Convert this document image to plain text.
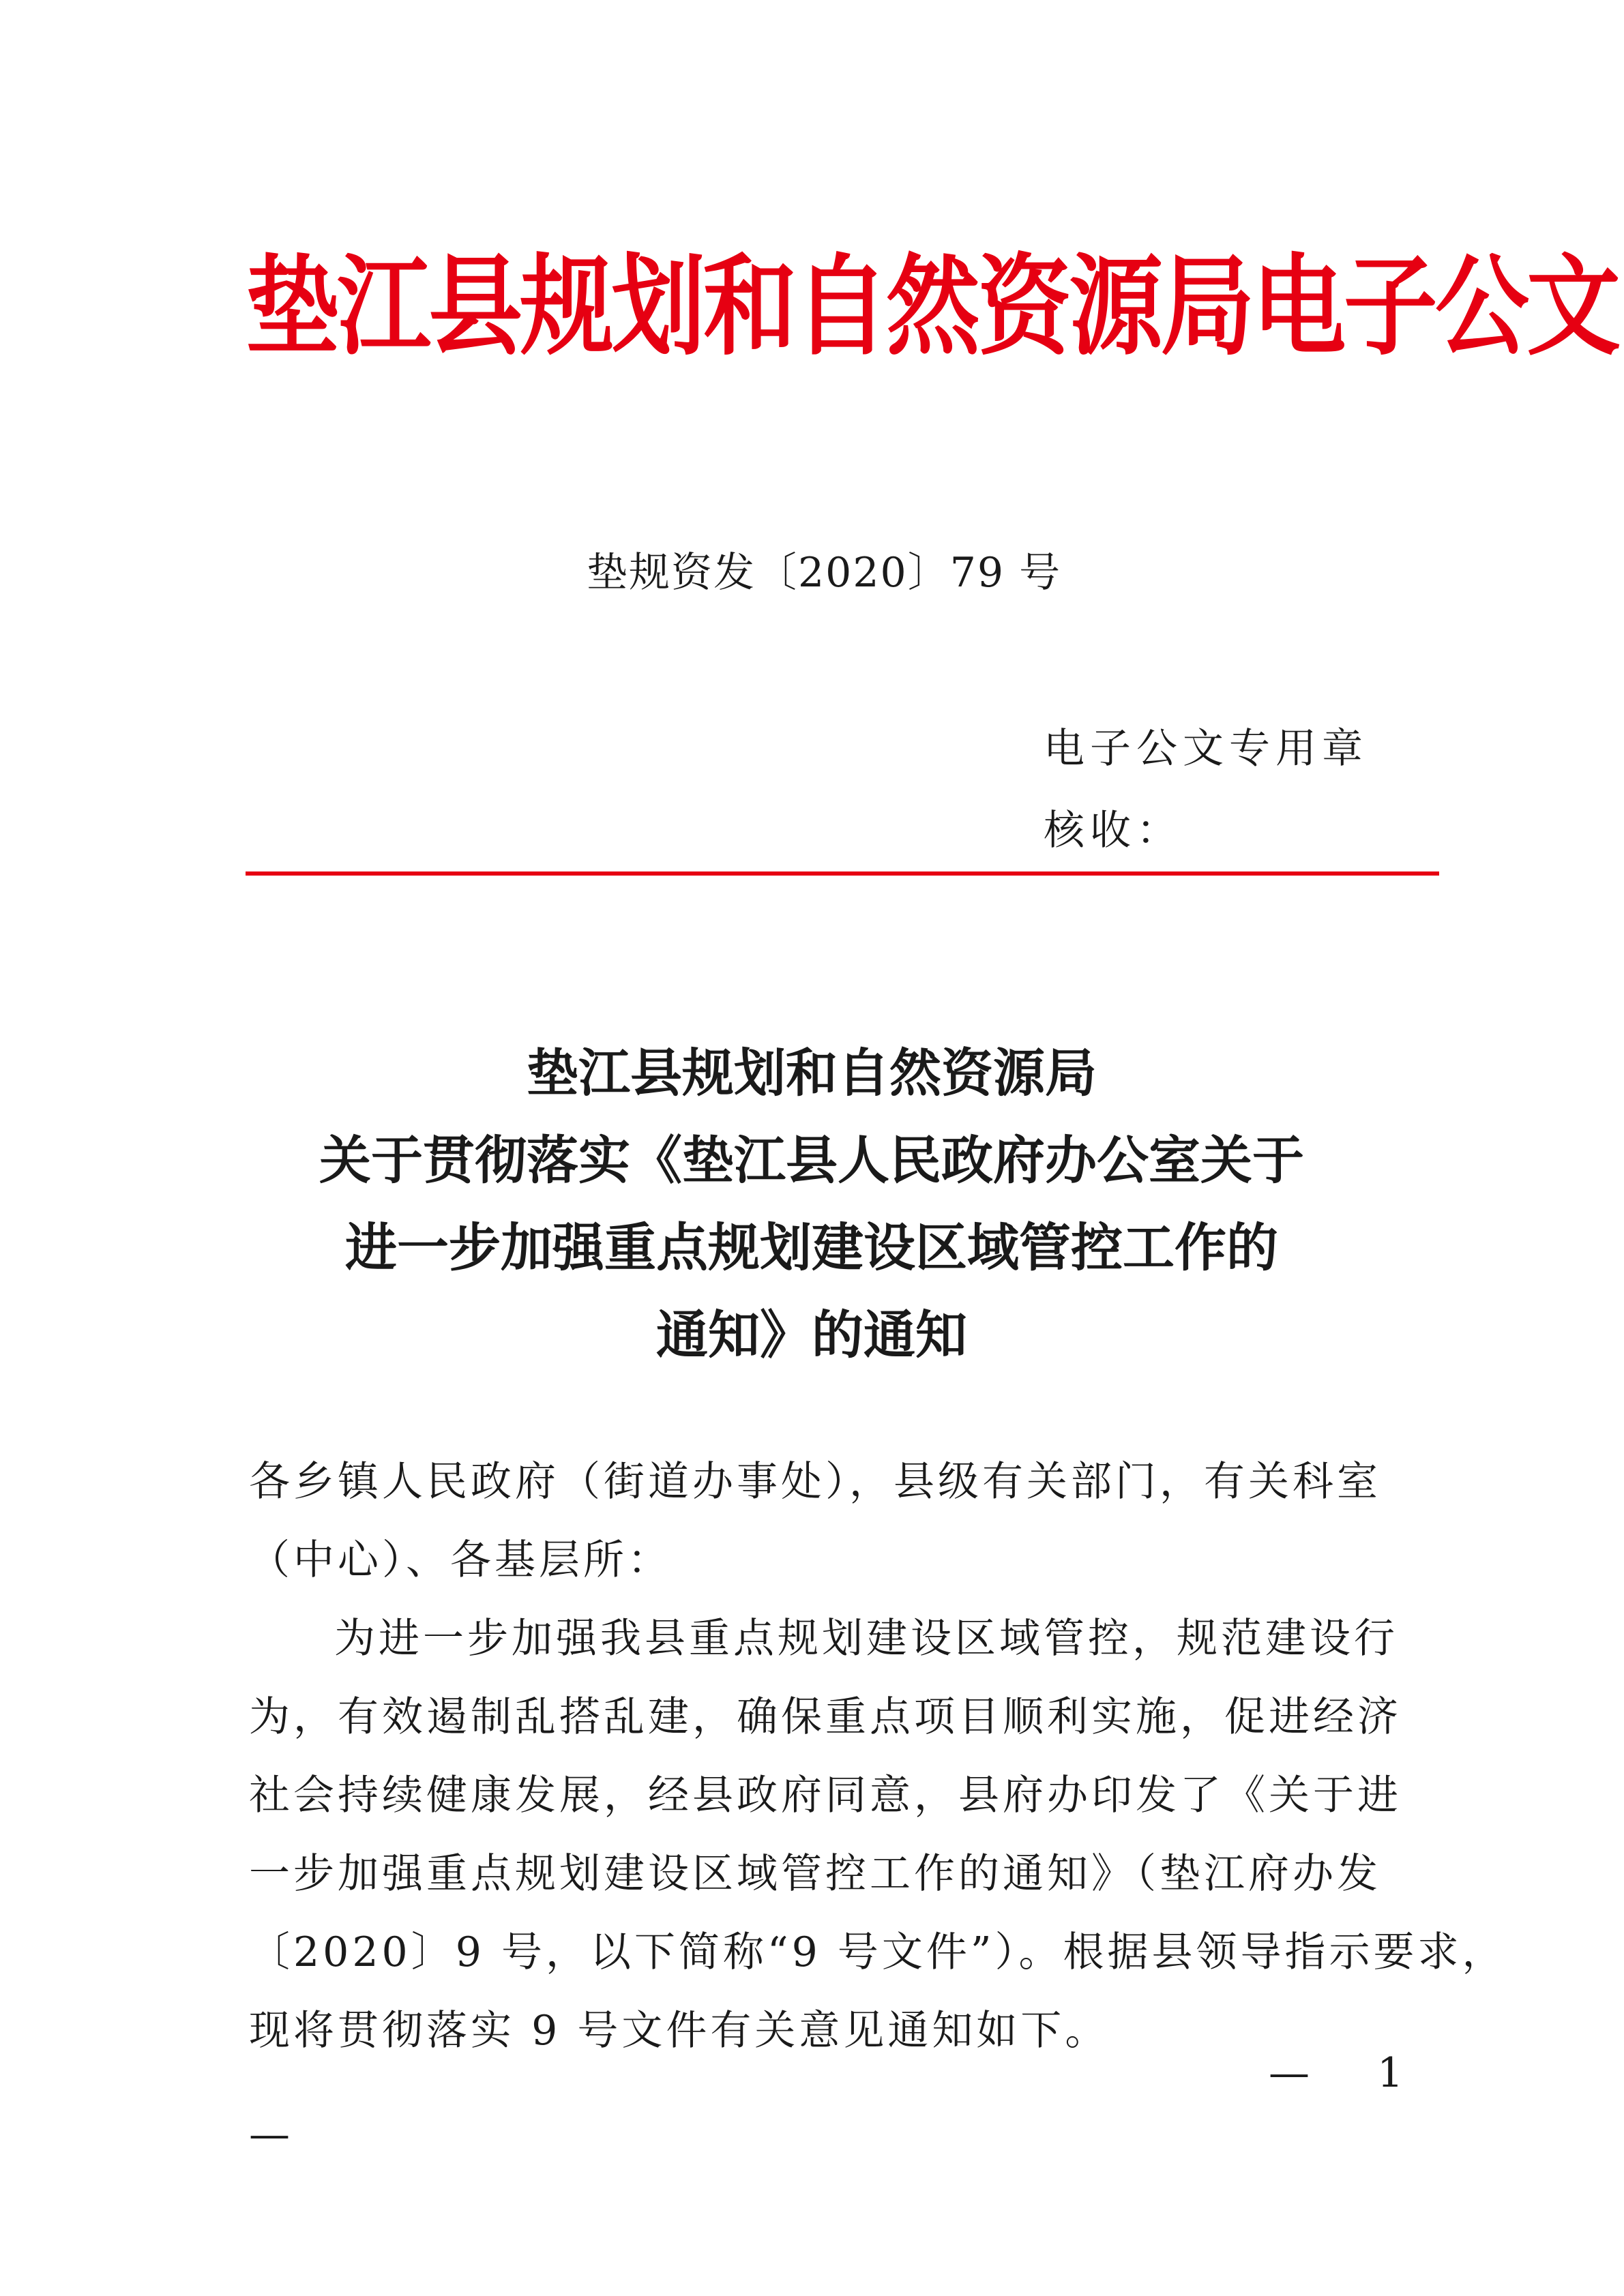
垫江县规划和自然资源局电子公文
垫规资发〔2020〕79 号
电子公文专用章
核收：
垫江县规划和自然资源局
关于贯彻落实《垫江县人民政府办公室关于
进一步加强重点规划建设区域管控工作的
通知》的通知
各乡镇人民政府（街道办事处），县级有关部门，有关科室
（中心）、各基层所：
为进一步加强我县重点规划建设区域管控，规范建设行
为，有效遏制乱搭乱建，确保重点项目顺利实施，促进经济
社会持续健康发展，经县政府同意，县府办印发了《关于进
一步加强重点规划建设区域管控工作的通知》（垫江府办发
〔2020〕9 号，以下简称“9 号文件”）。根据县领导指示要求，
现将贯彻落实 9 号文件有关意见通知如下。
— 1
—
